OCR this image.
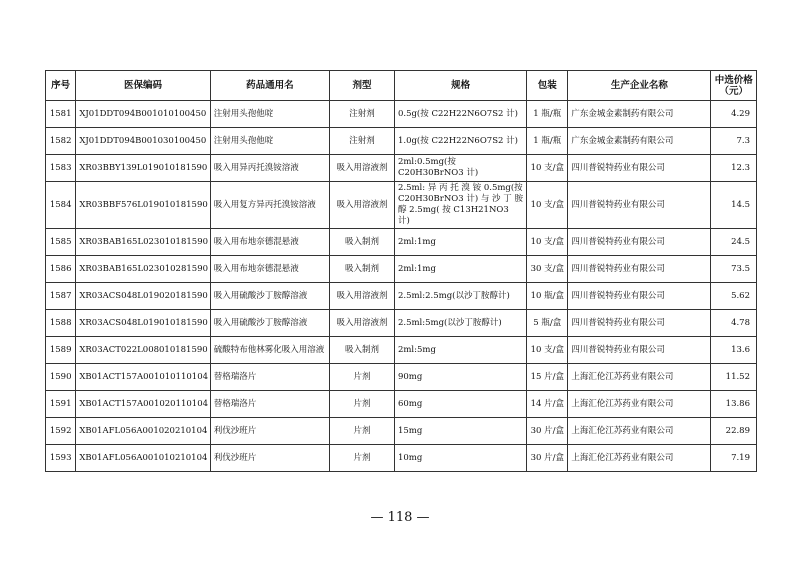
序号	医保编码	药品通用名	剂型	规格	包装	生产企业名称	中选价格（元）
1581	XJ01DDT094B001010100450	注射用头孢他啶	注射剂	0.5g(按 C22H22N6O7S2 计)	1 瓶/瓶	广东金城金素制药有限公司	4.29
1582	XJ01DDT094B001030100450	注射用头孢他啶	注射剂	1.0g(按 C22H22N6O7S2 计)	1 瓶/瓶	广东金城金素制药有限公司	7.3
1583	XR03BBY139L019010181590	吸入用异丙托溴铵溶液	吸入用溶液剂	2ml:0.5mg(按 C20H30BrNO3 计)	10 支/盒	四川普锐特药业有限公司	12.3
1584	XR03BBF576L019010181590	吸入用复方异丙托溴铵溶液	吸入用溶液剂	2.5ml: 异 丙 托 溴 铵 0.5mg(按 C20H30BrNO3 计) 与 沙 丁 胺 醇 2.5mg( 按 C13H21NO3 计)	10 支/盒	四川普锐特药业有限公司	14.5
1585	XR03BAB165L023010181590	吸入用布地奈德混悬液	吸入制剂	2ml:1mg	10 支/盒	四川普锐特药业有限公司	24.5
1586	XR03BAB165L023010281590	吸入用布地奈德混悬液	吸入制剂	2ml:1mg	30 支/盒	四川普锐特药业有限公司	73.5
1587	XR03ACS048L019020181590	吸入用硫酸沙丁胺醇溶液	吸入用溶液剂	2.5ml:2.5mg(以沙丁胺醇计)	10 瓶/盒	四川普锐特药业有限公司	5.62
1588	XR03ACS048L019010181590	吸入用硫酸沙丁胺醇溶液	吸入用溶液剂	2.5ml:5mg(以沙丁胺醇计)	5 瓶/盒	四川普锐特药业有限公司	4.78
1589	XR03ACT022L008010181590	硫酸特布他林雾化吸入用溶液	吸入制剂	2ml:5mg	10 支/盒	四川普锐特药业有限公司	13.6
1590	XB01ACT157A001010110104	替格瑞洛片	片剂	90mg	15 片/盒	上海汇伦江苏药业有限公司	11.52
1591	XB01ACT157A001020110104	替格瑞洛片	片剂	60mg	14 片/盒	上海汇伦江苏药业有限公司	13.86
1592	XB01AFL056A001020210104	利伐沙班片	片剂	15mg	30 片/盒	上海汇伦江苏药业有限公司	22.89
1593	XB01AFL056A001010210104	利伐沙班片	片剂	10mg	30 片/盒	上海汇伦江苏药业有限公司	7.19
— 118 —
